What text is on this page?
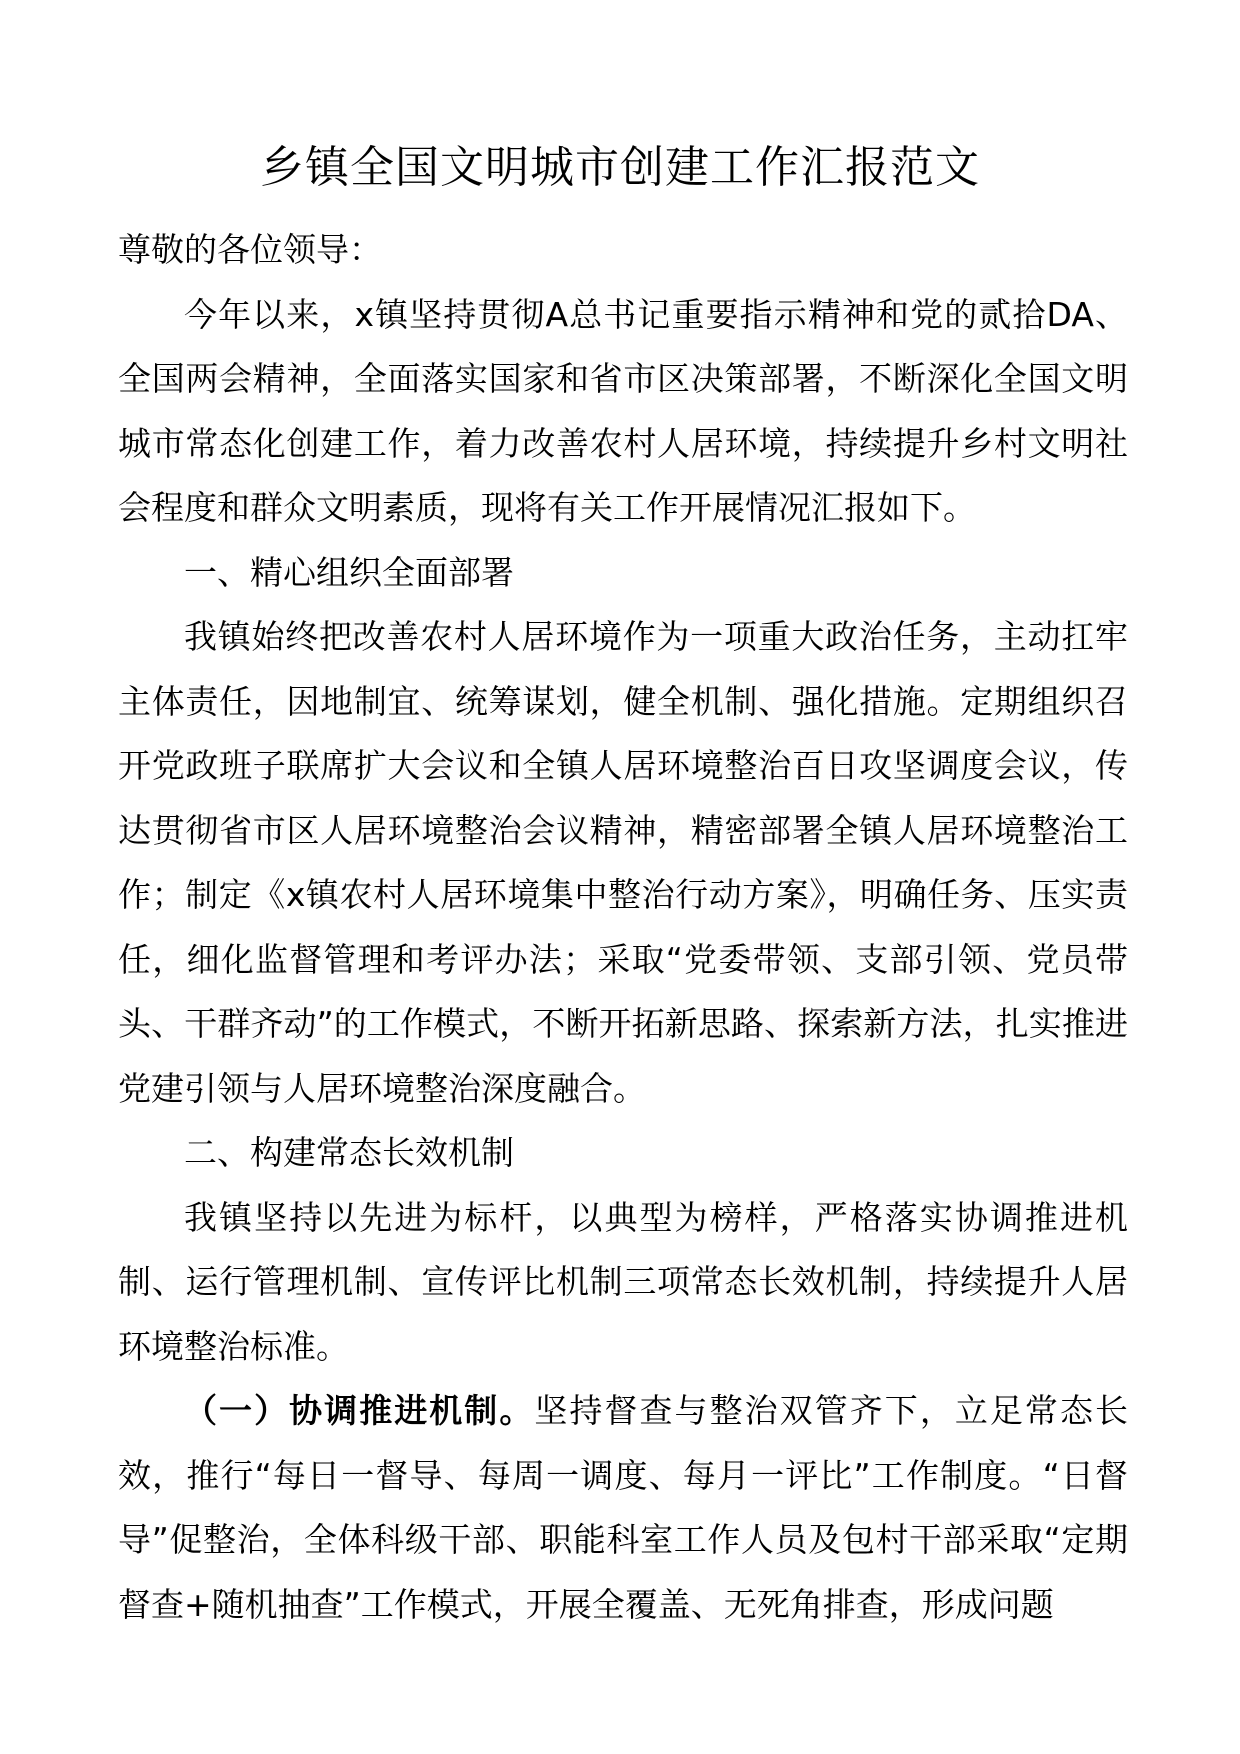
乡镇全国文明城市创建工作汇报范文

尊敬的各位领导：

今年以来，x镇坚持贯彻A总书记重要指示精神和党的贰拾DA、全国两会精神，全面落实国家和省市区决策部署，不断深化全国文明城市常态化创建工作，着力改善农村人居环境，持续提升乡村文明社会程度和群众文明素质，现将有关工作开展情况汇报如下。

一、精心组织全面部署

我镇始终把改善农村人居环境作为一项重大政治任务，主动扛牢主体责任，因地制宜、统筹谋划，健全机制、强化措施。定期组织召开党政班子联席扩大会议和全镇人居环境整治百日攻坚调度会议，传达贯彻省市区人居环境整治会议精神，精密部署全镇人居环境整治工作；制定《x镇农村人居环境集中整治行动方案》，明确任务、压实责任，细化监督管理和考评办法；采取“党委带领、支部引领、党员带头、干群齐动”的工作模式，不断开拓新思路、探索新方法，扎实推进党建引领与人居环境整治深度融合。

二、构建常态长效机制

我镇坚持以先进为标杆，以典型为榜样，严格落实协调推进机制、运行管理机制、宣传评比机制三项常态长效机制，持续提升人居环境整治标准。

（一）协调推进机制。坚持督查与整治双管齐下，立足常态长效，推行“每日一督导、每周一调度、每月一评比”工作制度。“日督导”促整治，全体科级干部、职能科室工作人员及包村干部采取“定期督查+随机抽查”工作模式，开展全覆盖、无死角排查，形成问题
